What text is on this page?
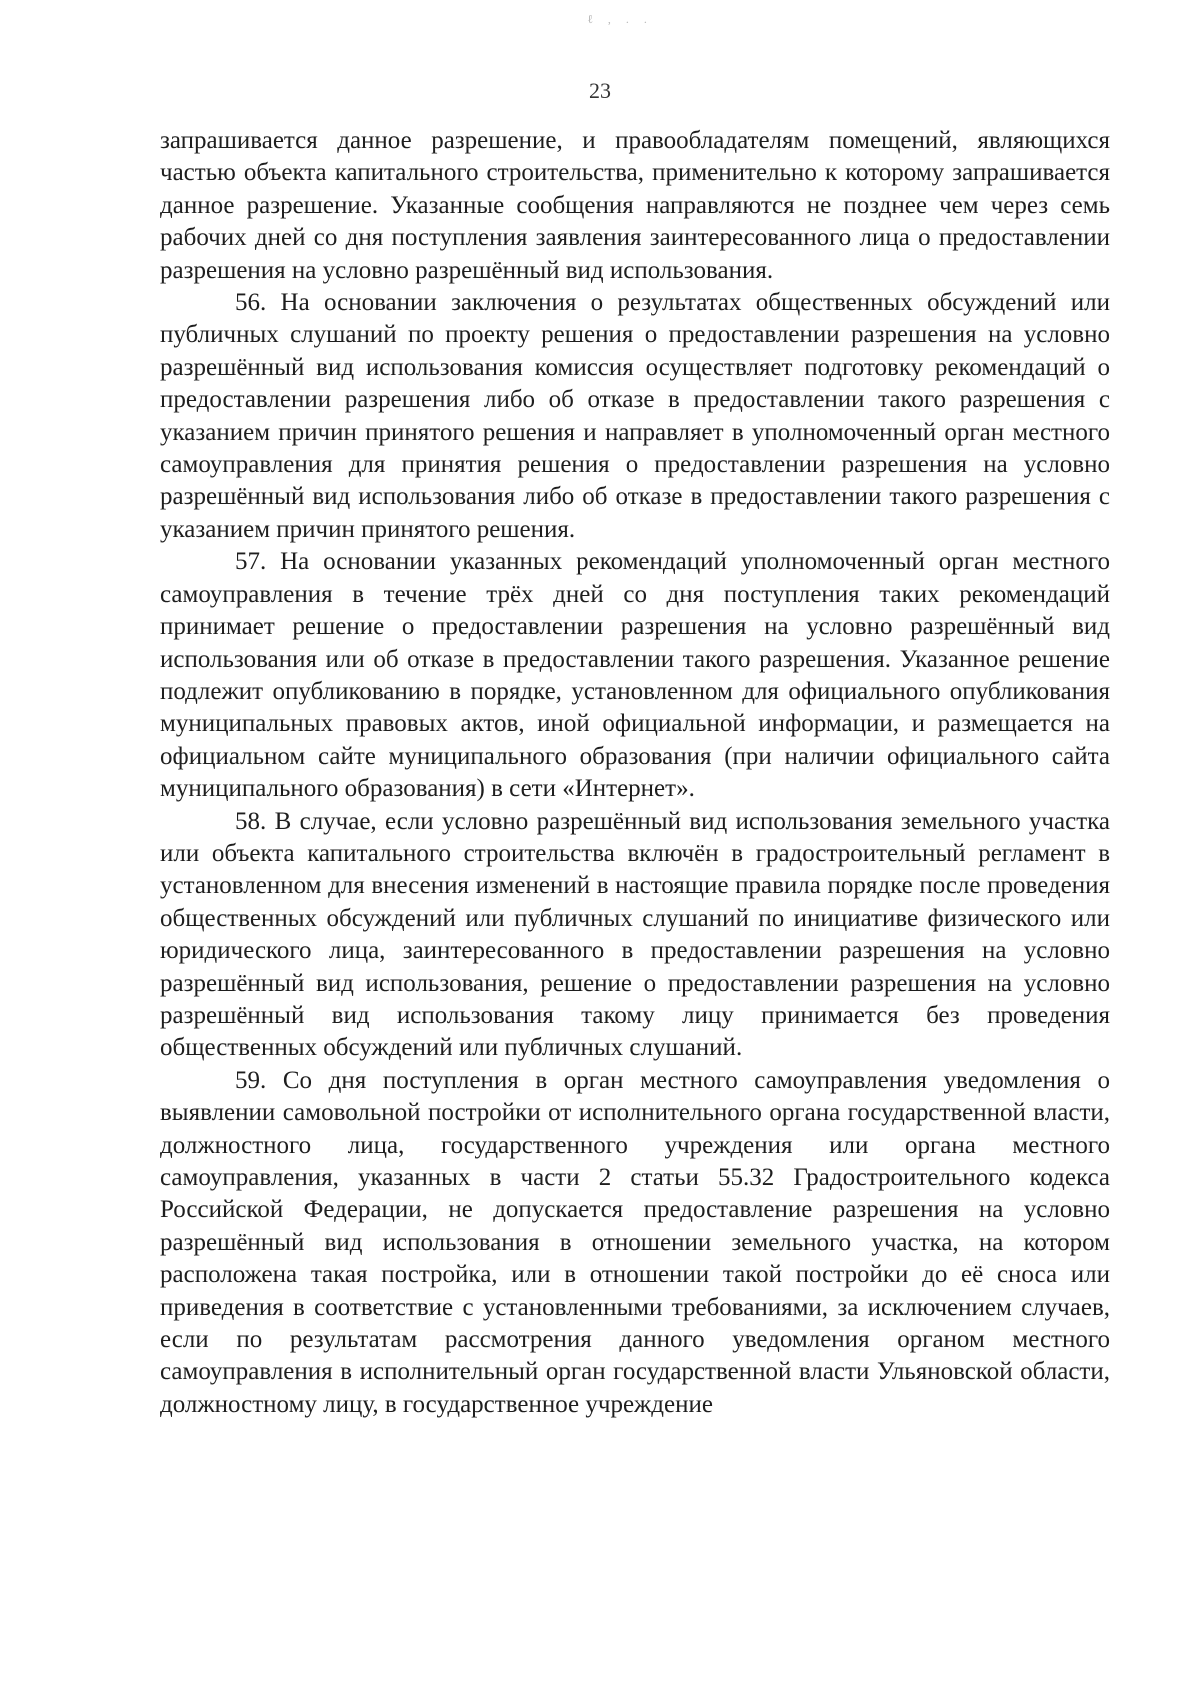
ℓ , . .
23

запрашивается данное разрешение, и правообладателям помещений, являющихся частью объекта капитального строительства, применительно к которому запрашивается данное разрешение. Указанные сообщения направляются не позднее чем через семь рабочих дней со дня поступления заявления заинтересованного лица о предоставлении разрешения на условно разрешённый вид использования.

56. На основании заключения о результатах общественных обсуждений или публичных слушаний по проекту решения о предоставлении разрешения на условно разрешённый вид использования комиссия осуществляет подготовку рекомендаций о предоставлении разрешения либо об отказе в предоставлении такого разрешения с указанием причин принятого решения и направляет в уполномоченный орган местного самоуправления для принятия решения о предоставлении разрешения на условно разрешённый вид использования либо об отказе в предоставлении такого разрешения с указанием причин принятого решения.

57. На основании указанных рекомендаций уполномоченный орган местного самоуправления в течение трёх дней со дня поступления таких рекомендаций принимает решение о предоставлении разрешения на условно разрешённый вид использования или об отказе в предоставлении такого разрешения. Указанное решение подлежит опубликованию в порядке, установленном для официального опубликования муниципальных правовых актов, иной официальной информации, и размещается на официальном сайте муниципального образования (при наличии официального сайта муниципального образования) в сети «Интернет».

58. В случае, если условно разрешённый вид использования земельного участка или объекта капитального строительства включён в градостроительный регламент в установленном для внесения изменений в настоящие правила порядке после проведения общественных обсуждений или публичных слушаний по инициативе физического или юридического лица, заинтересованного в предоставлении разрешения на условно разрешённый вид использования, решение о предоставлении разрешения на условно разрешённый вид использования такому лицу принимается без проведения общественных обсуждений или публичных слушаний.

59. Со дня поступления в орган местного самоуправления уведомления о выявлении самовольной постройки от исполнительного органа государственной власти, должностного лица, государственного учреждения или органа местного самоуправления, указанных в части 2 статьи 55.32 Градостроительного кодекса Российской Федерации, не допускается предоставление разрешения на условно разрешённый вид использования в отношении земельного участка, на котором расположена такая постройка, или в отношении такой постройки до её сноса или приведения в соответствие с установленными требованиями, за исключением случаев, если по результатам рассмотрения данного уведомления органом местного самоуправления в исполнительный орган государственной власти Ульяновской области, должностному лицу, в государственное учреждение
